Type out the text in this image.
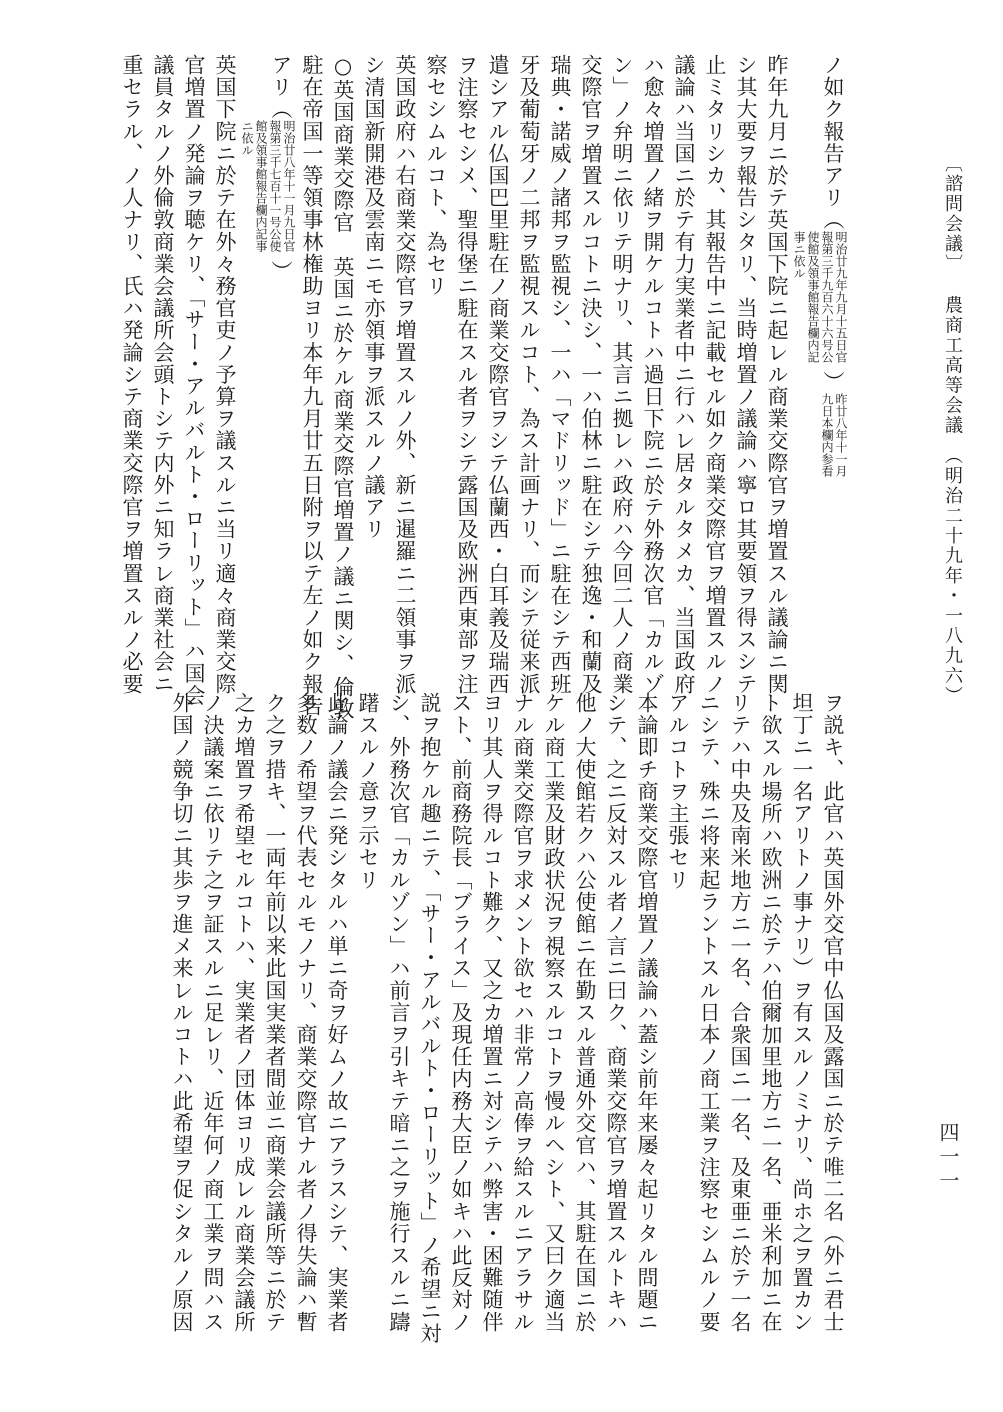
ノ如ク報告アリ（明治廿九年九月十五日官報第三千九百六十六号公使館及領事館報告欄内記事ニ依ル）昨廿八年十一月九日本欄内参看
昨年九月ニ於テ英国下院ニ起レル商業交際官ヲ増置スル議論ニ関
シ其大要ヲ報告シタリ、当時増置ノ議論ハ寧ロ其要領ヲ得スシテ
止ミタリシカ、其報告中ニ記載セル如ク商業交際官ヲ増置スルノ
議論ハ当国ニ於テ有力実業者中ニ行ハレ居タルタメカ、当国政府
ハ愈々増置ノ緒ヲ開ケルコトハ過日下院ニ於テ外務次官「カルゾ
ン」ノ弁明ニ依リテ明ナリ、其言ニ拠レハ政府ハ今回二人ノ商業
交際官ヲ増置スルコトニ決シ、一ハ伯林ニ駐在シテ独逸・和蘭及
瑞典・諾威ノ諸邦ヲ監視シ、一ハ「マドリッド」ニ駐在シテ西班
牙及葡萄牙ノ二邦ヲ監視スルコト、為ス計画ナリ、而シテ従来派
遣シアル仏国巴里駐在ノ商業交際官ヲシテ仏蘭西・白耳義及瑞西
ヲ注察セシメ、聖得堡ニ駐在スル者ヲシテ露国及欧洲西東部ヲ注
察セシムルコト、為セリ
英国政府ハ右商業交際官ヲ増置スルノ外、新ニ暹羅ニ二領事ヲ派
シ清国新開港及雲南ニモ亦領事ヲ派スルノ議アリ
○英国商業交際官　英国ニ於ケル商業交際官増置ノ議ニ関シ、倫敦
駐在帝国一等領事林権助ヨリ本年九月廿五日附ヲ以テ左ノ如ク報告
アリ（明治廿八年十一月九日官報第三千七百十一号公使館及領事館報告欄内記事ニ依ル）
英国下院ニ於テ在外々務官吏ノ予算ヲ議スルニ当リ適々商業交際
官増置ノ発論ヲ聴ケリ、「サー・アルバルト・ローリット」ハ国会
議員タルノ外倫敦商業会議所会頭トシテ内外ニ知ラレ商業社会ニ
重セラル、ノ人ナリ、氏ハ発論シテ商業交際官ヲ増置スルノ必要
ヲ説キ、此官ハ英国外交官中仏国及露国ニ於テ唯二名（外ニ君士
坦丁ニ一名アリトノ事ナリ）ヲ有スルノミナリ、尚ホ之ヲ置カン
ト欲スル場所ハ欧洲ニ於テハ伯爾加里地方ニ一名、亜米利加ニ在
リテハ中央及南米地方ニ一名、合衆国ニ一名、及東亜ニ於テ一名
ニシテ、殊ニ将来起ラントスル日本ノ商工業ヲ注察セシムルノ要
アルコトヲ主張セリ
本論即チ商業交際官増置ノ議論ハ蓋シ前年来屡々起リタル問題ニ
シテ、之ニ反対スル者ノ言ニ曰ク、商業交際官ヲ増置スルトキハ
他ノ大使館若クハ公使館ニ在勤スル普通外交官ハ、其駐在国ニ於
ケル商工業及財政状況ヲ視察スルコトヲ慢ルヘシト、又曰ク適当
ナル商業交際官ヲ求メント欲セハ非常ノ高俸ヲ給スルニアラサル
ヨリ其人ヲ得ルコト難ク、又之カ増置ニ対シテハ弊害・困難随伴
スト、前商務院長「ブライス」及現任内務大臣ノ如キハ此反対ノ
説ヲ抱ケル趣ニテ、「サー・アルバルト・ローリット」ノ希望ニ対
シ、外務次官「カルゾン」ハ前言ヲ引キテ暗ニ之ヲ施行スルニ躊
躇スルノ意ヲ示セリ
此論ノ議会ニ発シタルハ単ニ奇ヲ好ムノ故ニアラスシテ、実業者
多数ノ希望ヲ代表セルモノナリ、商業交際官ナル者ノ得失論ハ暫
ク之ヲ措キ、一両年前以来此国実業者間並ニ商業会議所等ニ於テ
之カ増置ヲ希望セルコトハ、実業者ノ団体ヨリ成レル商業会議所
ノ決議案ニ依リテ之ヲ証スルニ足レリ、近年何ノ商工業ヲ問ハス
外国ノ競争切ニ其歩ヲ進メ来レルコトハ此希望ヲ促シタルノ原因
〔諮問会議〕農商工高等会議（明治二十九年・一八九六）
四一一
